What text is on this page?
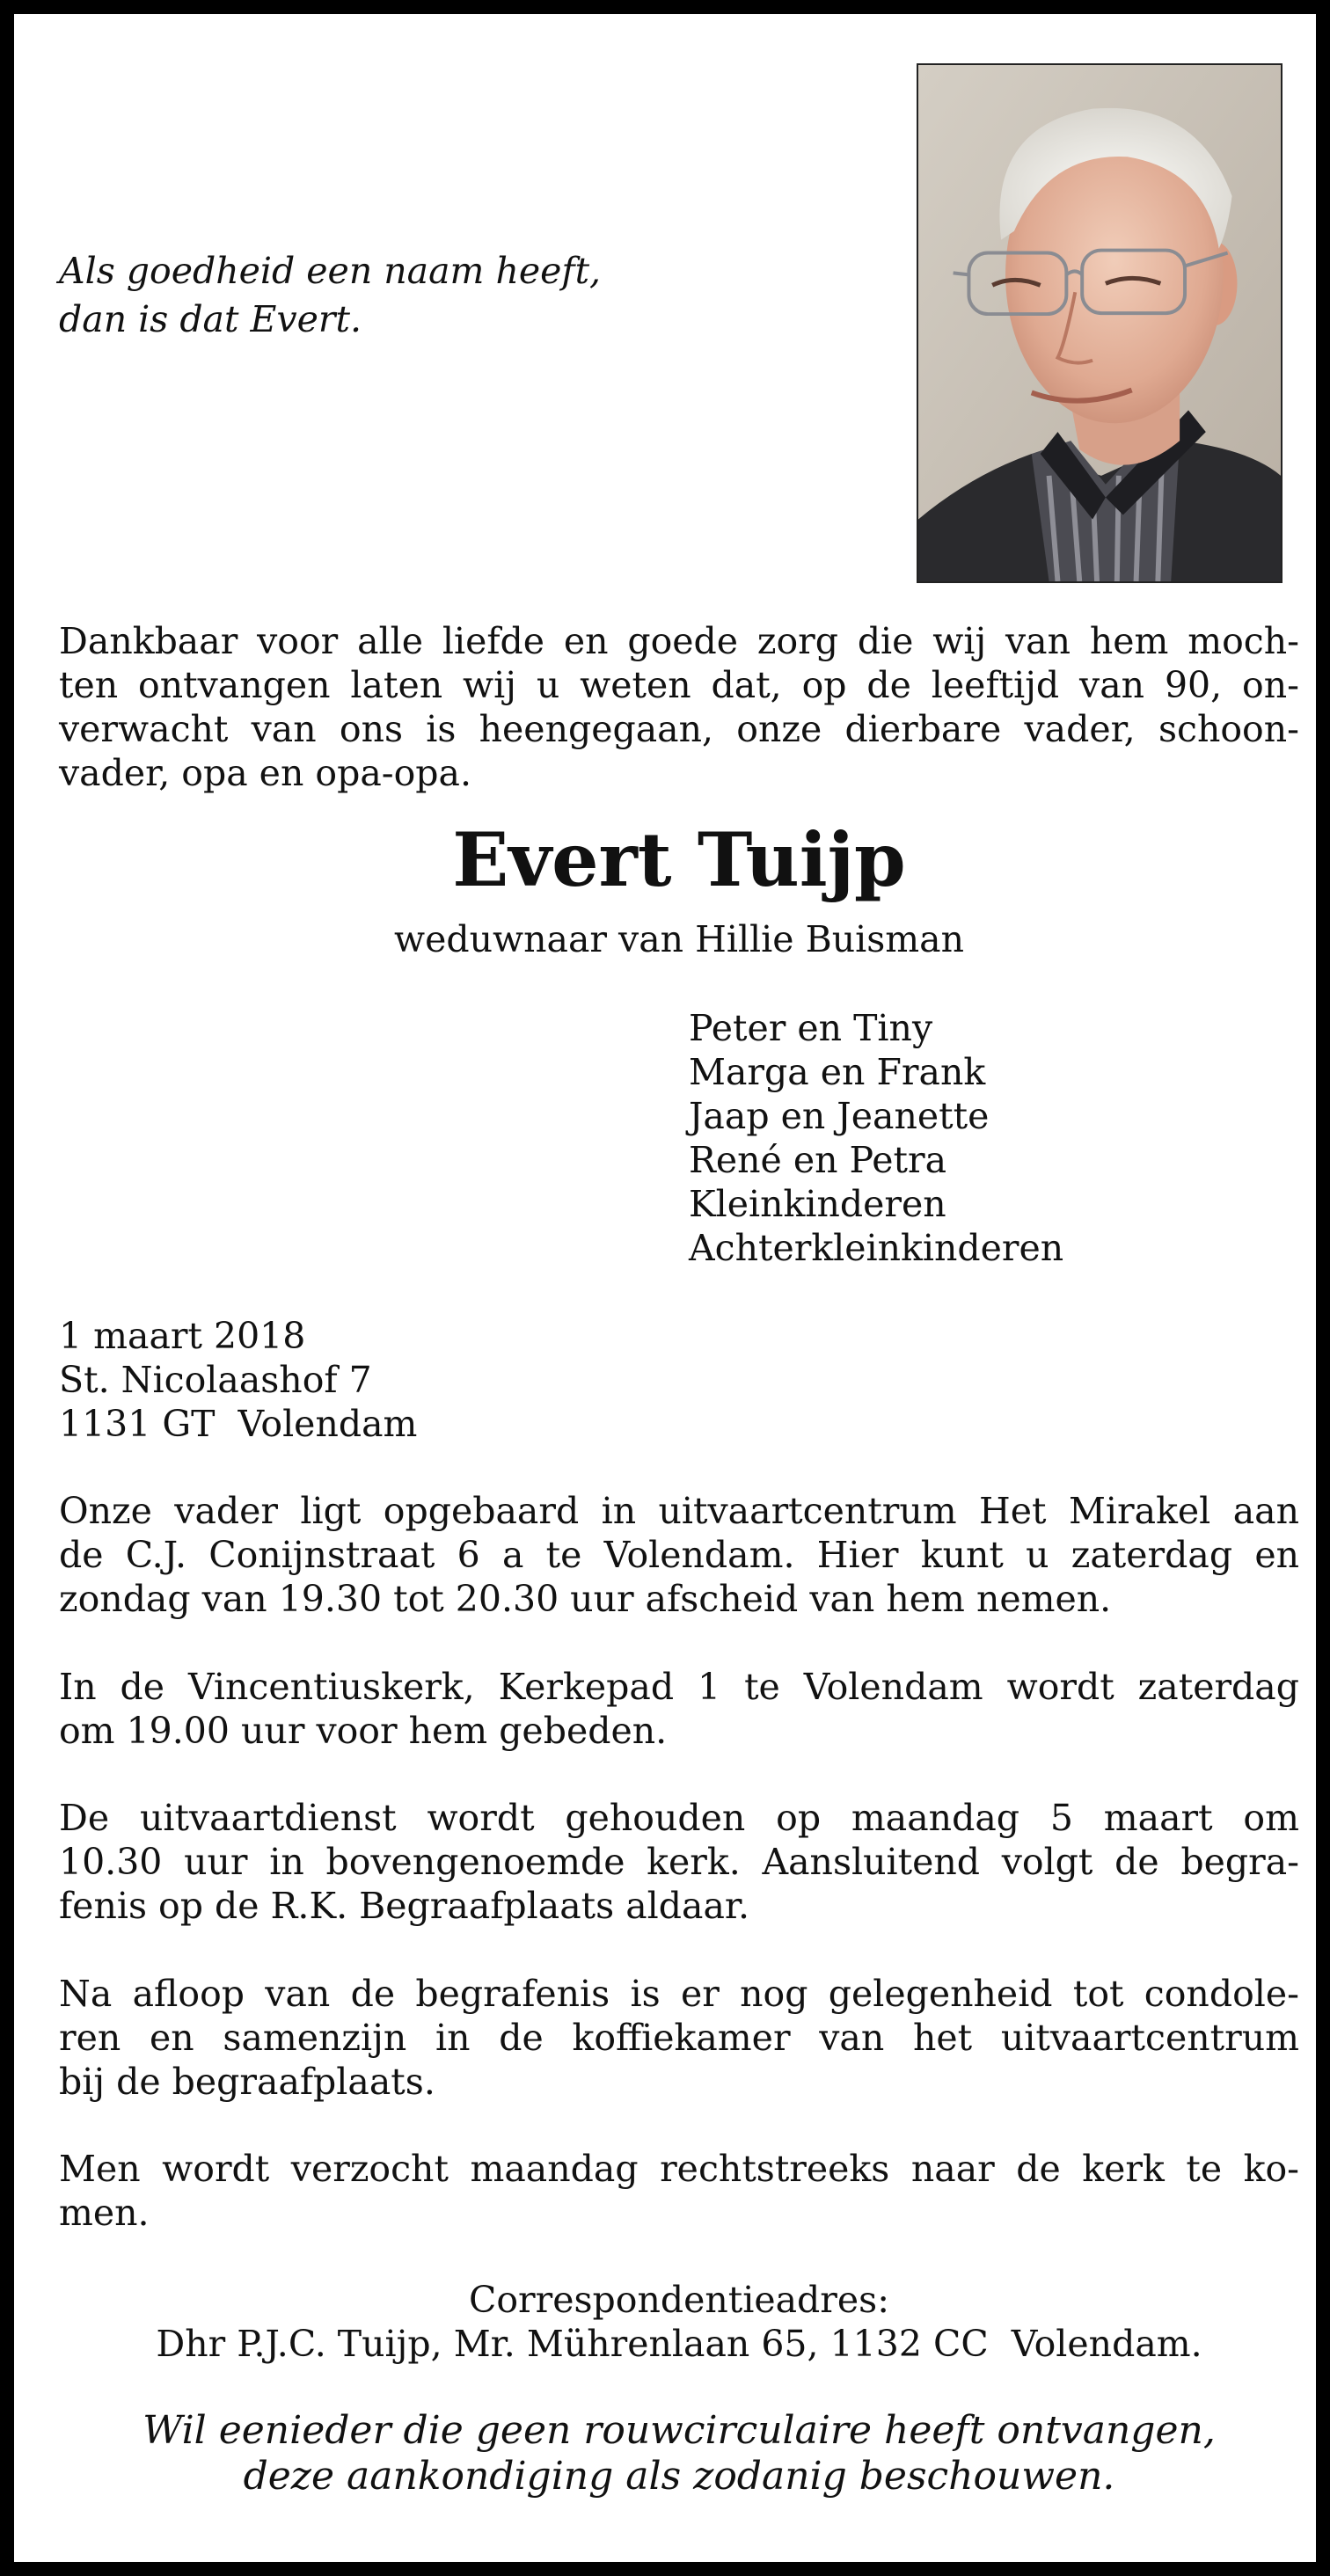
Als goedheid een naam heeft,
dan is dat Evert.
Dankbaar voor alle liefde en goede zorg die wij van hem moch-
ten ontvangen laten wij u weten dat, op de leeftijd van 90, on-
verwacht van ons is heengegaan, onze dierbare vader, schoon-
vader, opa en opa-opa.
Evert Tuijp
weduwnaar van Hillie Buisman
Peter en Tiny
Marga en Frank
Jaap en Jeanette
René en Petra
Kleinkinderen
Achterkleinkinderen
1 maart 2018
St. Nicolaashof 7
1131 GT  Volendam
Onze vader ligt opgebaard in uitvaartcentrum Het Mirakel aan
de C.J. Conijnstraat 6 a te Volendam. Hier kunt u zaterdag en
zondag van 19.30 tot 20.30 uur afscheid van hem nemen.
In de Vincentiuskerk, Kerkepad 1 te Volendam wordt zaterdag
om 19.00 uur voor hem gebeden.
De uitvaartdienst wordt gehouden op maandag 5 maart om
10.30 uur in bovengenoemde kerk. Aansluitend volgt de begra-
fenis op de R.K. Begraafplaats aldaar.
Na afloop van de begrafenis is er nog gelegenheid tot condole-
ren en samenzijn in de koffiekamer van het uitvaartcentrum
bij de begraafplaats.
Men wordt verzocht maandag rechtstreeks naar de kerk te ko-
men.
Correspondentieadres:
Dhr P.J.C. Tuijp, Mr. Mührenlaan 65, 1132 CC  Volendam.
Wil eenieder die geen rouwcirculaire heeft ontvangen,
deze aankondiging als zodanig beschouwen.
